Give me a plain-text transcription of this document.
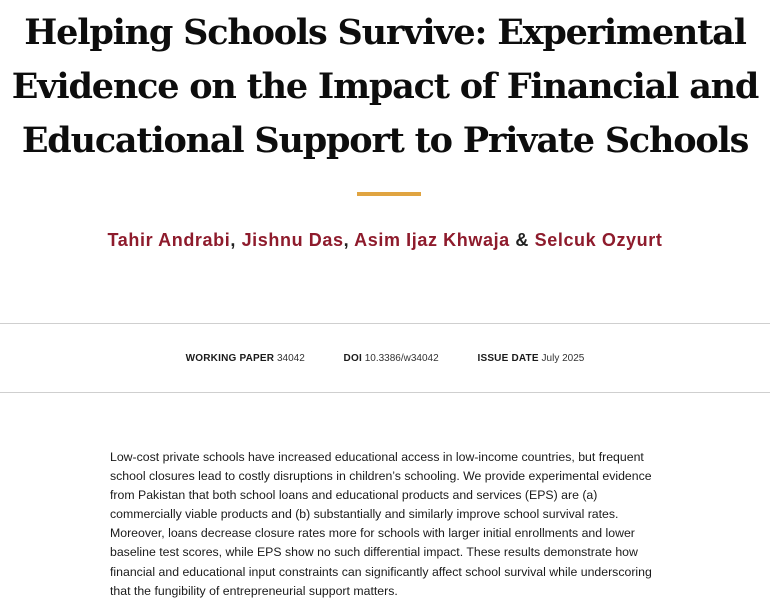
Helping Schools Survive: Experimental Evidence on the Impact of Financial and Educational Support to Private Schools
Tahir Andrabi, Jishnu Das, Asim Ijaz Khwaja & Selcuk Ozyurt
WORKING PAPER 34042	DOI 10.3386/w34042	ISSUE DATE July 2025

Low-cost private schools have increased educational access in low-income countries, but frequent school closures lead to costly disruptions in children’s schooling. We provide experimental evidence from Pakistan that both school loans and educational products and services (EPS) are (a) commercially viable products and (b) substantially and similarly improve school survival rates. Moreover, loans decrease closure rates more for schools with larger initial enrollments and lower baseline test scores, while EPS show no such differential impact. These results demonstrate how financial and educational input constraints can significantly affect school survival while underscoring that the fungibility of entrepreneurial support matters.
